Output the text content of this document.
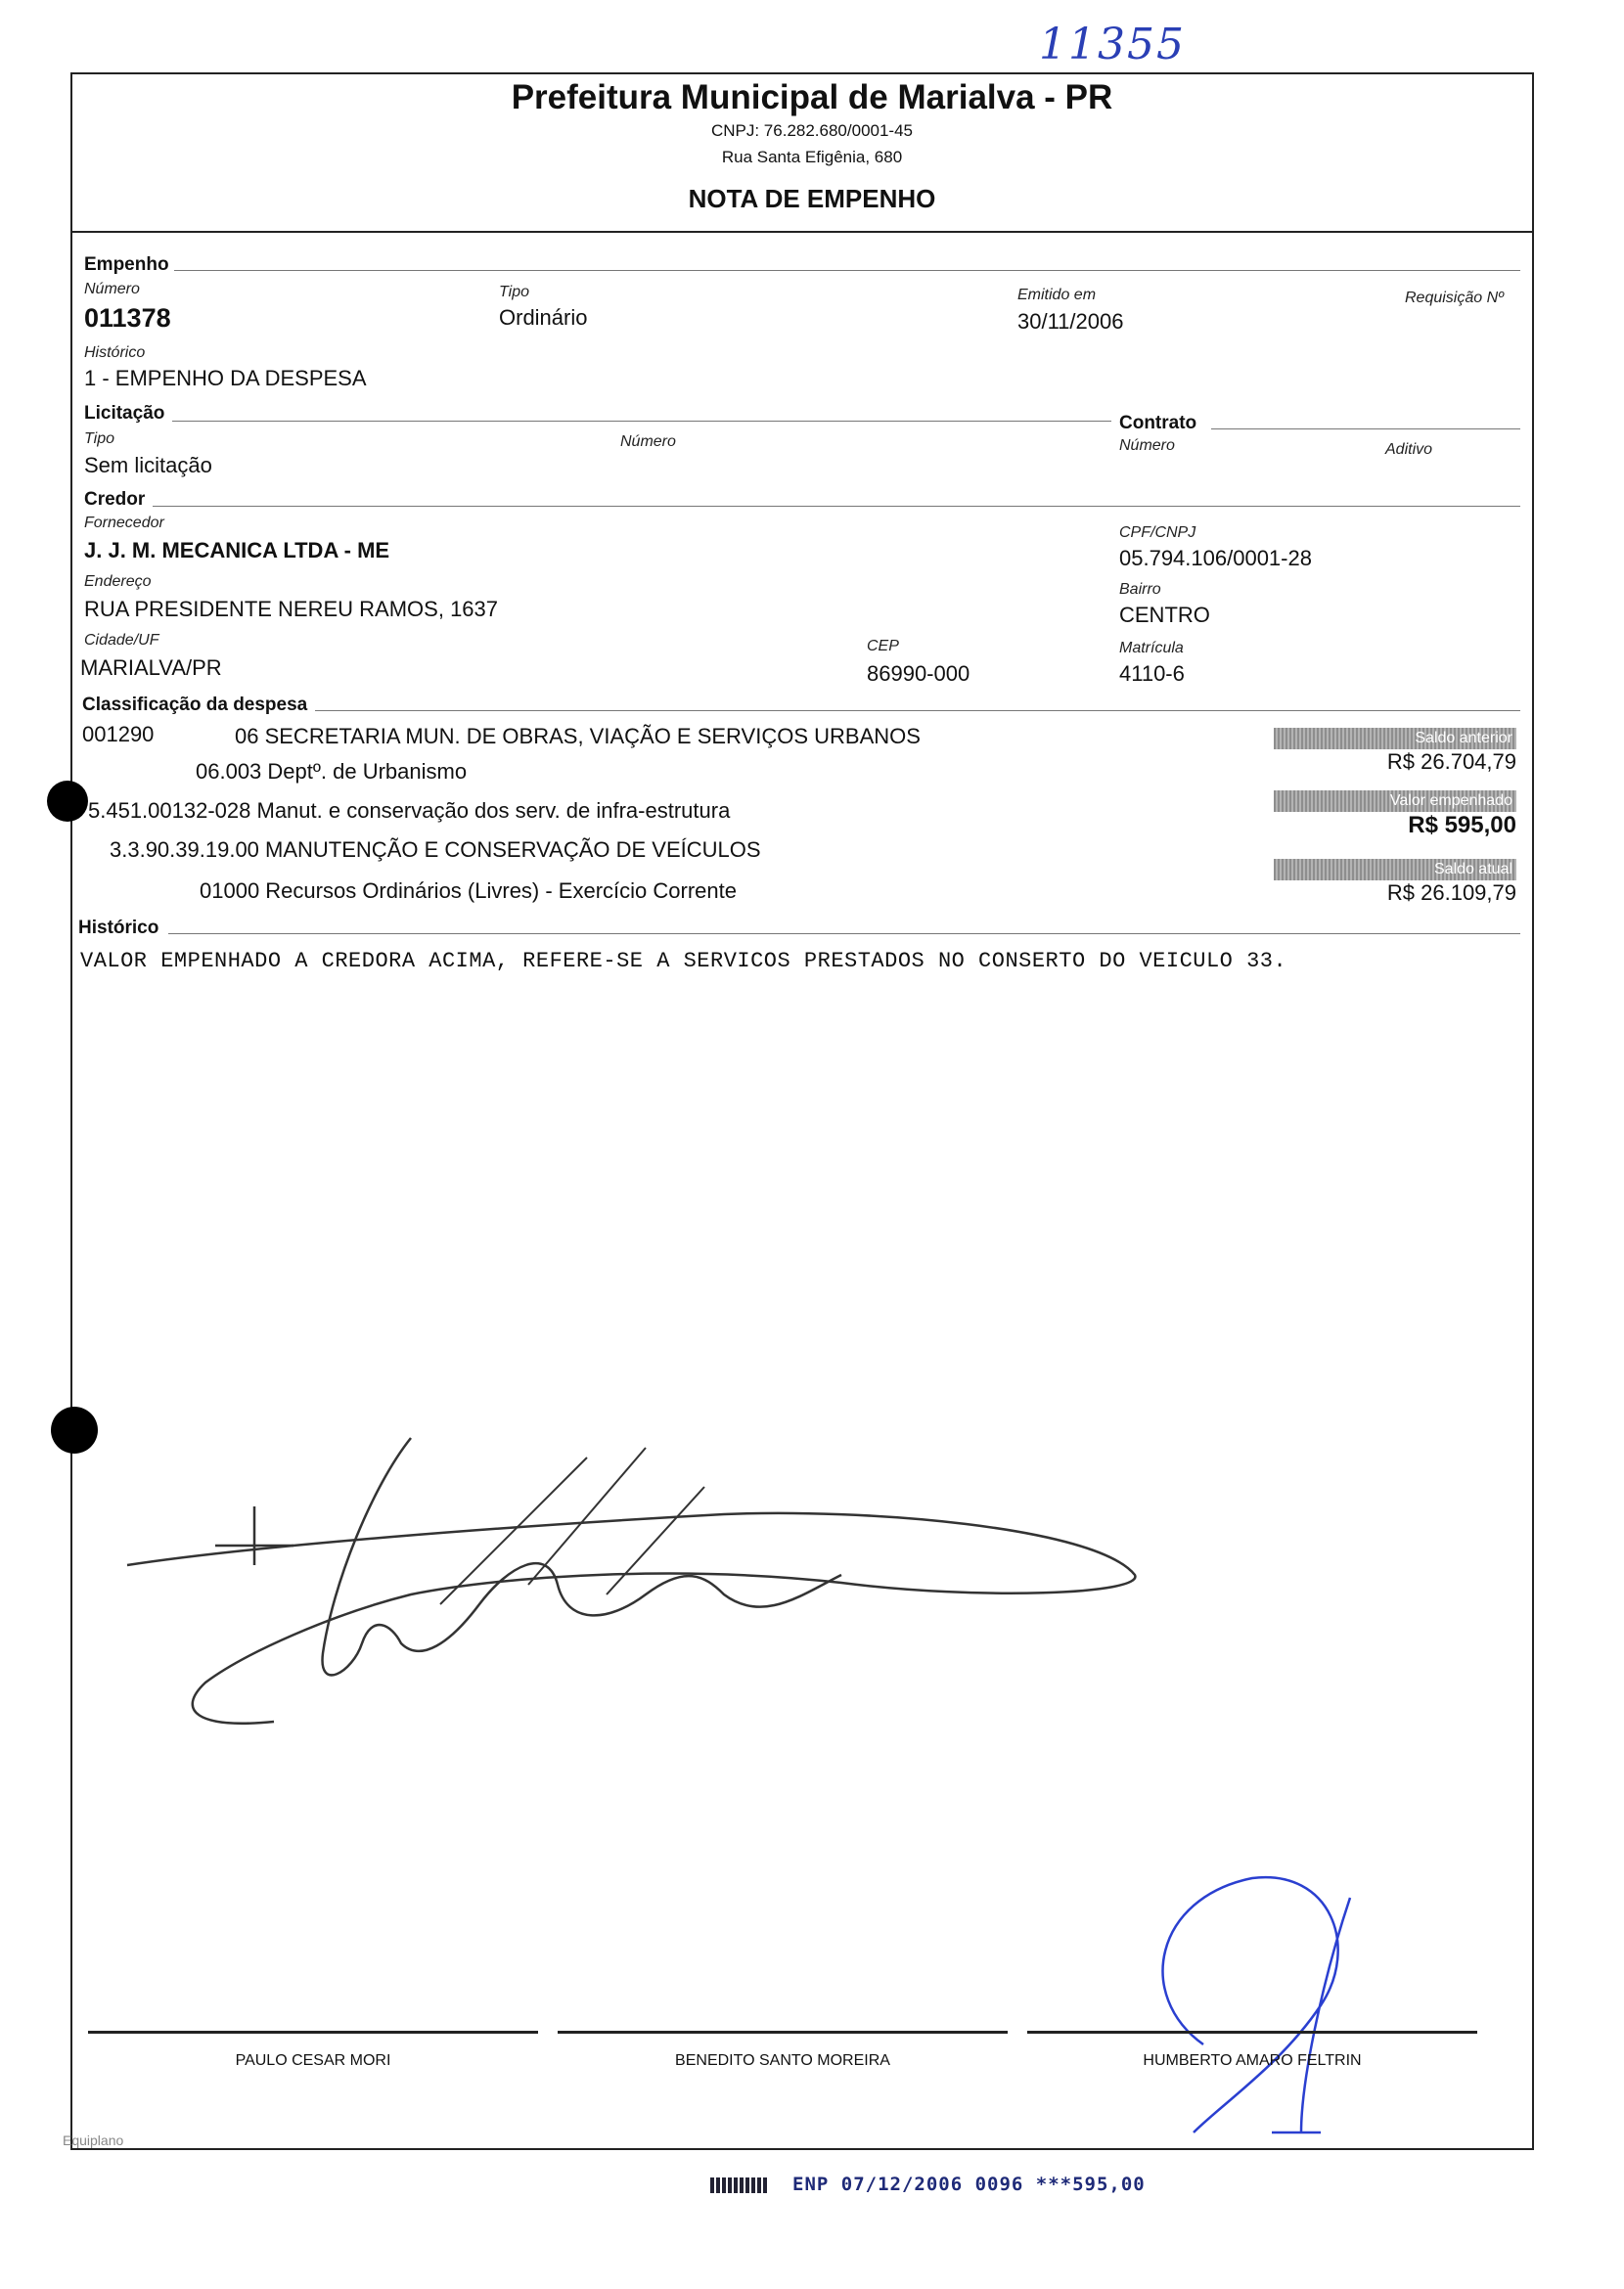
11355
Prefeitura Municipal de Marialva - PR
CNPJ: 76.282.680/0001-45
Rua Santa Efigênia, 680
NOTA DE EMPENHO
Empenho
Número
011378
Tipo
Ordinário
Emitido em
30/11/2006
Requisição Nº
Histórico
1 - EMPENHO DA DESPESA
Licitação
Tipo
Sem licitação
Número
Contrato
Número	Aditivo
Credor
Fornecedor
J. J. M. MECANICA LTDA - ME
CPF/CNPJ
05.794.106/0001-28
Endereço
RUA PRESIDENTE NEREU RAMOS, 1637
Bairro
CENTRO
Cidade/UF
MARIALVA/PR
CEP
86990-000
Matrícula
4110-6
Classificação da despesa
001290	06 SECRETARIA MUN. DE OBRAS, VIAÇÃO E SERVIÇOS URBANOS
06.003 Deptº. de Urbanismo
5.451.00132-028 Manut. e conservação dos serv. de infra-estrutura
3.3.90.39.19.00 MANUTENÇÃO E CONSERVAÇÃO DE VEÍCULOS
01000 Recursos Ordinários (Livres) - Exercício Corrente
Saldo anterior
R$ 26.704,79
Valor empenhado
R$ 595,00
Saldo atual
R$ 26.109,79
Histórico
VALOR EMPENHADO A CREDORA ACIMA, REFERE-SE A SERVICOS PRESTADOS NO CONSERTO DO VEICULO 33.
PAULO CESAR MORI	BENEDITO SANTO MOREIRA	HUMBERTO AMARO FELTRIN
Equiplano
ENP 07/12/2006 0096 ***595,00
